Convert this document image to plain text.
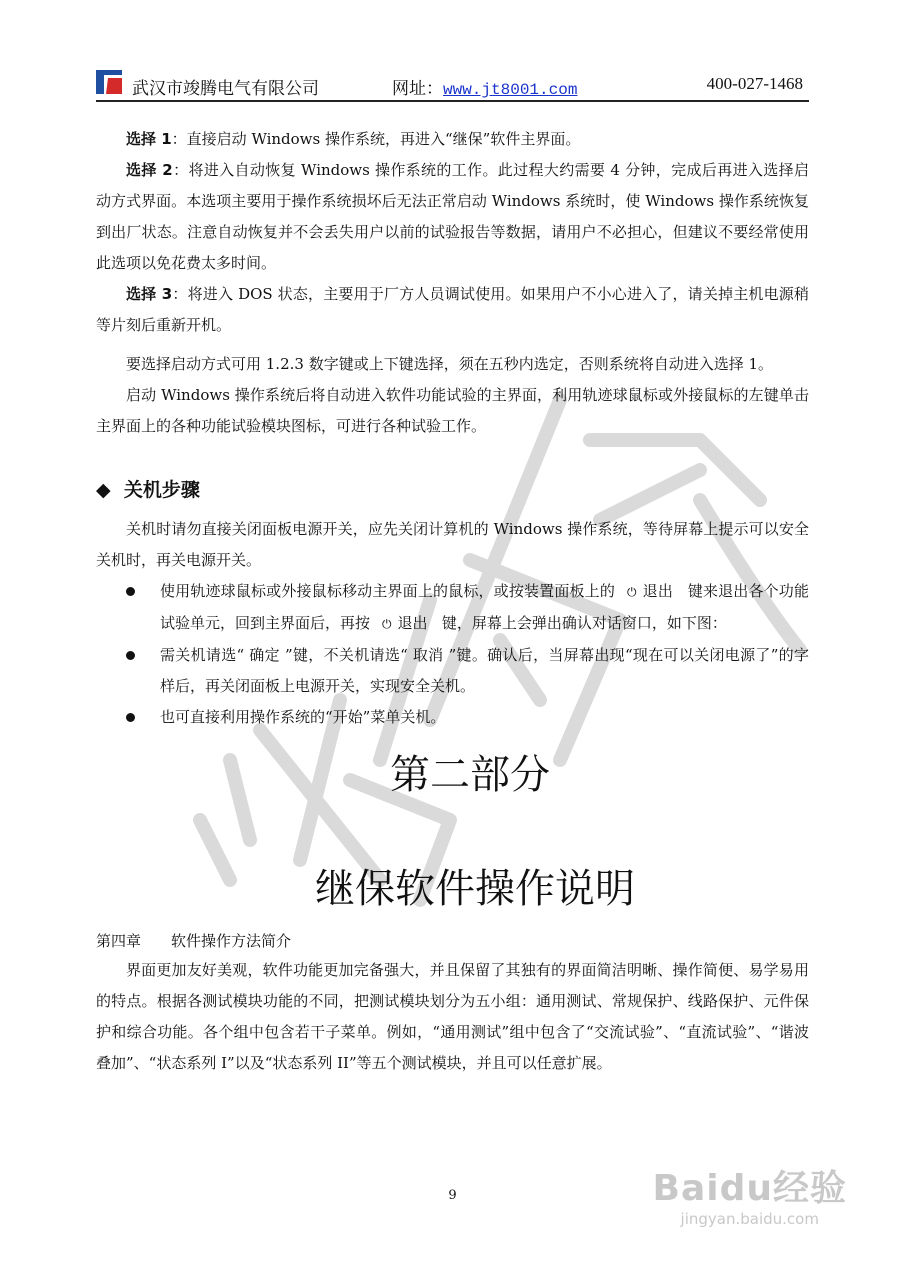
武汉市竣腾电气有限公司	网址：www.jt8001.com	400-027-1468

选择 1：直接启动 Windows 操作系统，再进入“继保”软件主界面。

选择 2：将进入自动恢复 Windows 操作系统的工作。此过程大约需要 4 分钟，完成后再进入选择启动方式界面。本选项主要用于操作系统损坏后无法正常启动 Windows 系统时，使 Windows 操作系统恢复到出厂状态。注意自动恢复并不会丢失用户以前的试验报告等数据，请用户不必担心，但建议不要经常使用此选项以免花费太多时间。

选择 3：将进入 DOS 状态，主要用于厂方人员调试使用。如果用户不小心进入了，请关掉主机电源稍等片刻后重新开机。

要选择启动方式可用 1.2.3 数字键或上下键选择，须在五秒内选定，否则系统将自动进入选择 1。

启动 Windows 操作系统后将自动进入软件功能试验的主界面，利用轨迹球鼠标或外接鼠标的左键单击主界面上的各种功能试验模块图标，可进行各种试验工作。

◆ 关机步骤

关机时请勿直接关闭面板电源开关，应先关闭计算机的 Windows 操作系统，等待屏幕上提示可以安全关机时，再关电源开关。

使用轨迹球鼠标或外接鼠标移动主界面上的鼠标，或按装置面板上的 ⏻ 退出 键来退出各个功能试验单元，回到主界面后，再按 ⏻ 退出 键，屏幕上会弹出确认对话窗口，如下图：
需关机请选“ 确定 ”键，不关机请选“ 取消 ”键。确认后，当屏幕出现“现在可以关闭电源了”的字样后，再关闭面板上电源开关，实现安全关机。
也可直接利用操作系统的“开始”菜单关机。
第二部分
继保软件操作说明
第四章 软件操作方法简介

界面更加友好美观，软件功能更加完备强大，并且保留了其独有的界面简洁明晰、操作简便、易学易用的特点。根据各测试模块功能的不同，把测试模块划分为五小组：通用测试、常规保护、线路保护、元件保护和综合功能。各个组中包含若干子菜单。例如，“通用测试”组中包含了“交流试验”、“直流试验”、“谐波叠加”、“状态系列 I”以及“状态系列 II”等五个测试模块，并且可以任意扩展。

9	Baidu经验
jingyan.baidu.com
